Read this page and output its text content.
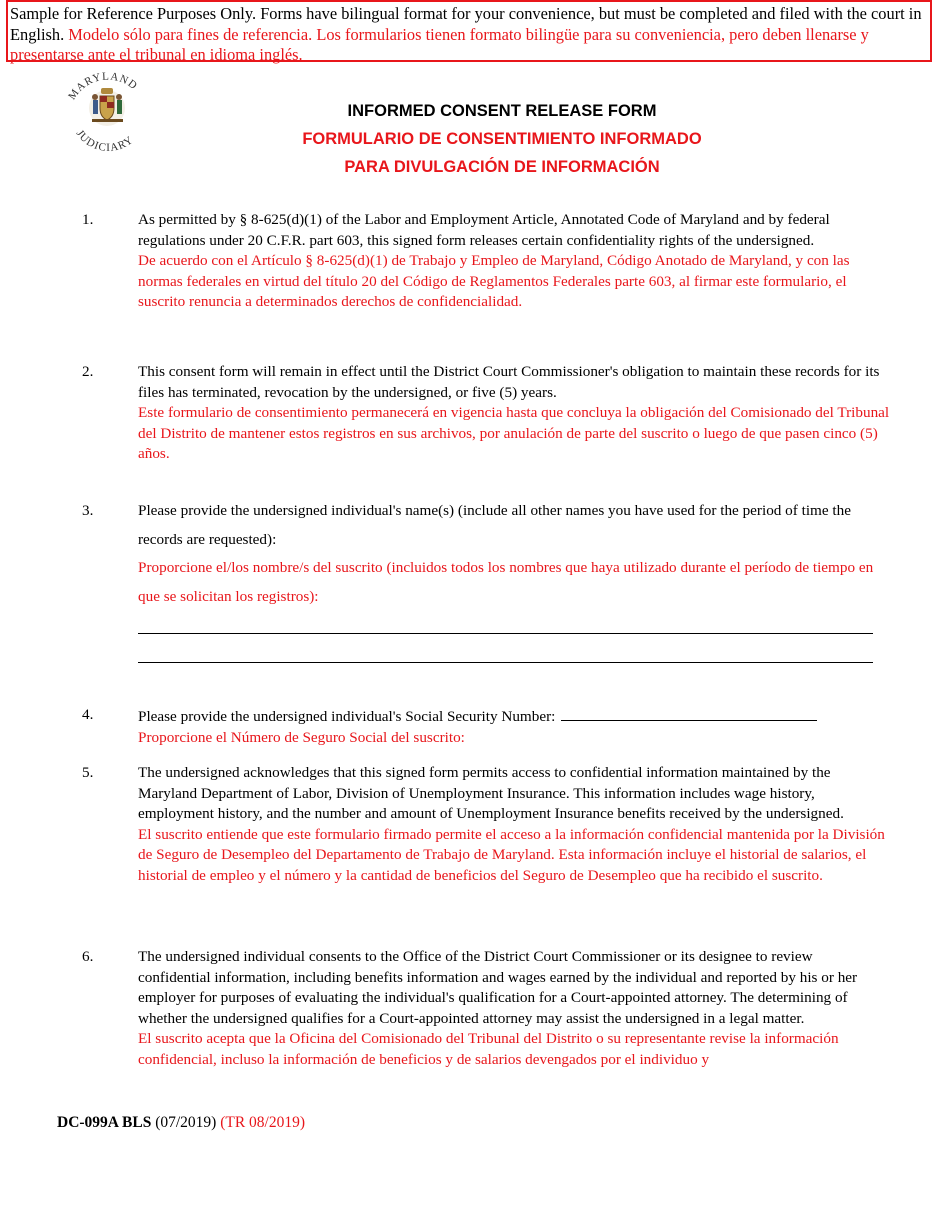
Sample for Reference Purposes Only. Forms have bilingual format for your convenience, but must be completed and filed with the court in English. Modelo sólo para fines de referencia. Los formularios tienen formato bilingüe para su conveniencia, pero deben llenarse y presentarse ante el tribunal en idioma inglés.
MARYLAND
JUDICIARY
INFORMED CONSENT RELEASE FORM
FORMULARIO DE CONSENTIMIENTO INFORMADO
PARA DIVULGACIÓN DE INFORMACIÓN
1.	As permitted by § 8-625(d)(1) of the Labor and Employment Article, Annotated Code of Maryland and by federal regulations under 20 C.F.R. part 603, this signed form releases certain confidentiality rights of the undersigned.
De acuerdo con el Artículo § 8-625(d)(1) de Trabajo y Empleo de Maryland, Código Anotado de Maryland, y con las normas federales en virtud del título 20 del Código de Reglamentos Federales parte 603, al firmar este formulario, el suscrito renuncia a determinados derechos de confidencialidad.
2.	This consent form will remain in effect until the District Court Commissioner's obligation to maintain these records for its files has terminated, revocation by the undersigned, or five (5) years.
Este formulario de consentimiento permanecerá en vigencia hasta que concluya la obligación del Comisionado del Tribunal del Distrito de mantener estos registros en sus archivos, por anulación de parte del suscrito o luego de que pasen cinco (5) años.
3.	Please provide the undersigned individual's name(s) (include all other names you have used for the period of time the records are requested):
Proporcione el/los nombre/s del suscrito (incluidos todos los nombres que haya utilizado durante el período de tiempo en que se solicitan los registros):
4.	Please provide the undersigned individual's Social Security Number:
Proporcione el Número de Seguro Social del suscrito:
5.	The undersigned acknowledges that this signed form permits access to confidential information maintained by the Maryland Department of Labor, Division of Unemployment Insurance. This information includes wage history, employment history, and the number and amount of Unemployment Insurance benefits received by the undersigned.
El suscrito entiende que este formulario firmado permite el acceso a la información confidencial mantenida por la División de Seguro de Desempleo del Departamento de Trabajo de Maryland. Esta información incluye el historial de salarios, el historial de empleo y el número y la cantidad de beneficios del Seguro de Desempleo que ha recibido el suscrito.
6.	The undersigned individual consents to the Office of the District Court Commissioner or its designee to review confidential information, including benefits information and wages earned by the individual and reported by his or her employer for purposes of evaluating the individual's qualification for a Court-appointed attorney. The determining of whether the undersigned qualifies for a Court-appointed attorney may assist the undersigned in a legal matter.
El suscrito acepta que la Oficina del Comisionado del Tribunal del Distrito o su representante revise la información confidencial, incluso la información de beneficios y de salarios devengados por el individuo y
DC-099A BLS (07/2019) (TR 08/2019)
